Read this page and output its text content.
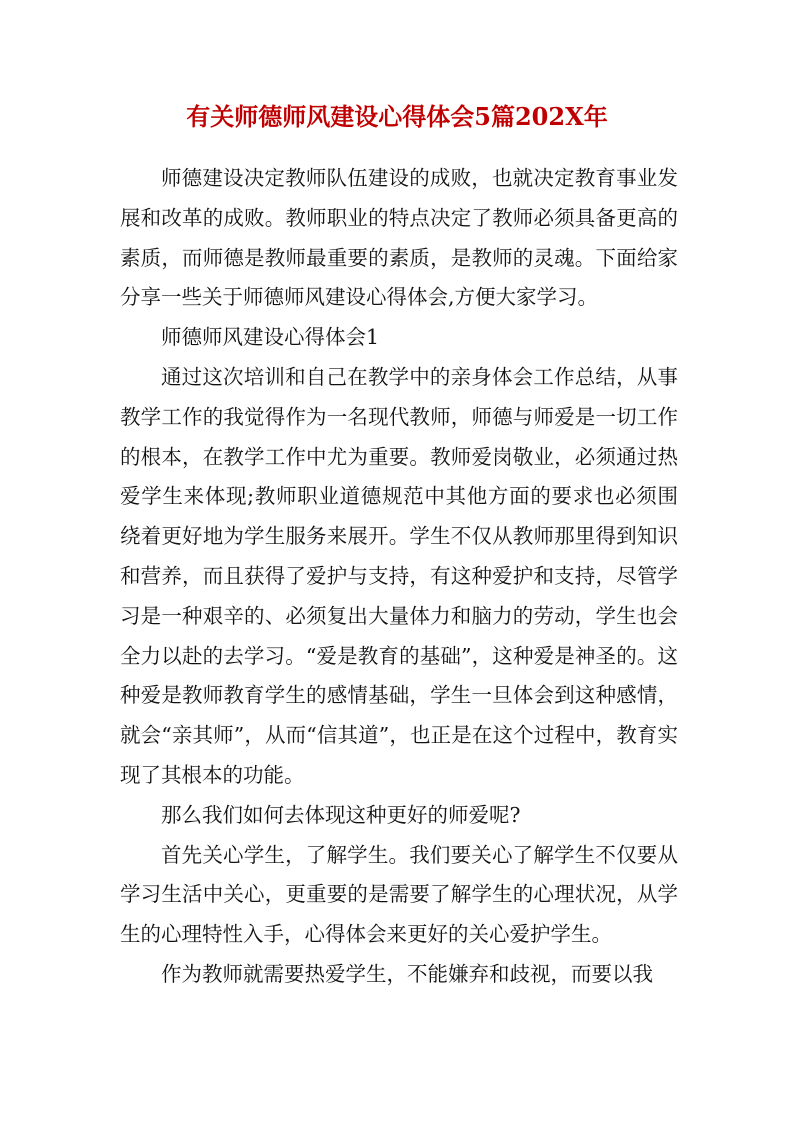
有关师德师风建设心得体会5篇202X年

师德建设决定教师队伍建设的成败，也就决定教育事业发展和改革的成败。教师职业的特点决定了教师必须具备更高的素质，而师德是教师最重要的素质，是教师的灵魂。下面给家分享一些关于师德师风建设心得体会,方便大家学习。

师德师风建设心得体会1

通过这次培训和自己在教学中的亲身体会工作总结，从事教学工作的我觉得作为一名现代教师，师德与师爱是一切工作的根本，在教学工作中尤为重要。教师爱岗敬业，必须通过热爱学生来体现;教师职业道德规范中其他方面的要求也必须围绕着更好地为学生服务来展开。学生不仅从教师那里得到知识和营养，而且获得了爱护与支持，有这种爱护和支持，尽管学习是一种艰辛的、必须复出大量体力和脑力的劳动，学生也会全力以赴的去学习。“爱是教育的基础”，这种爱是神圣的。这种爱是教师教育学生的感情基础，学生一旦体会到这种感情，就会“亲其师”，从而“信其道”，也正是在这个过程中，教育实现了其根本的功能。

那么我们如何去体现这种更好的师爱呢?

首先关心学生，了解学生。我们要关心了解学生不仅要从学习生活中关心，更重要的是需要了解学生的心理状况，从学生的心理特性入手，心得体会来更好的关心爱护学生。

作为教师就需要热爱学生，不能嫌弃和歧视，而要以我
